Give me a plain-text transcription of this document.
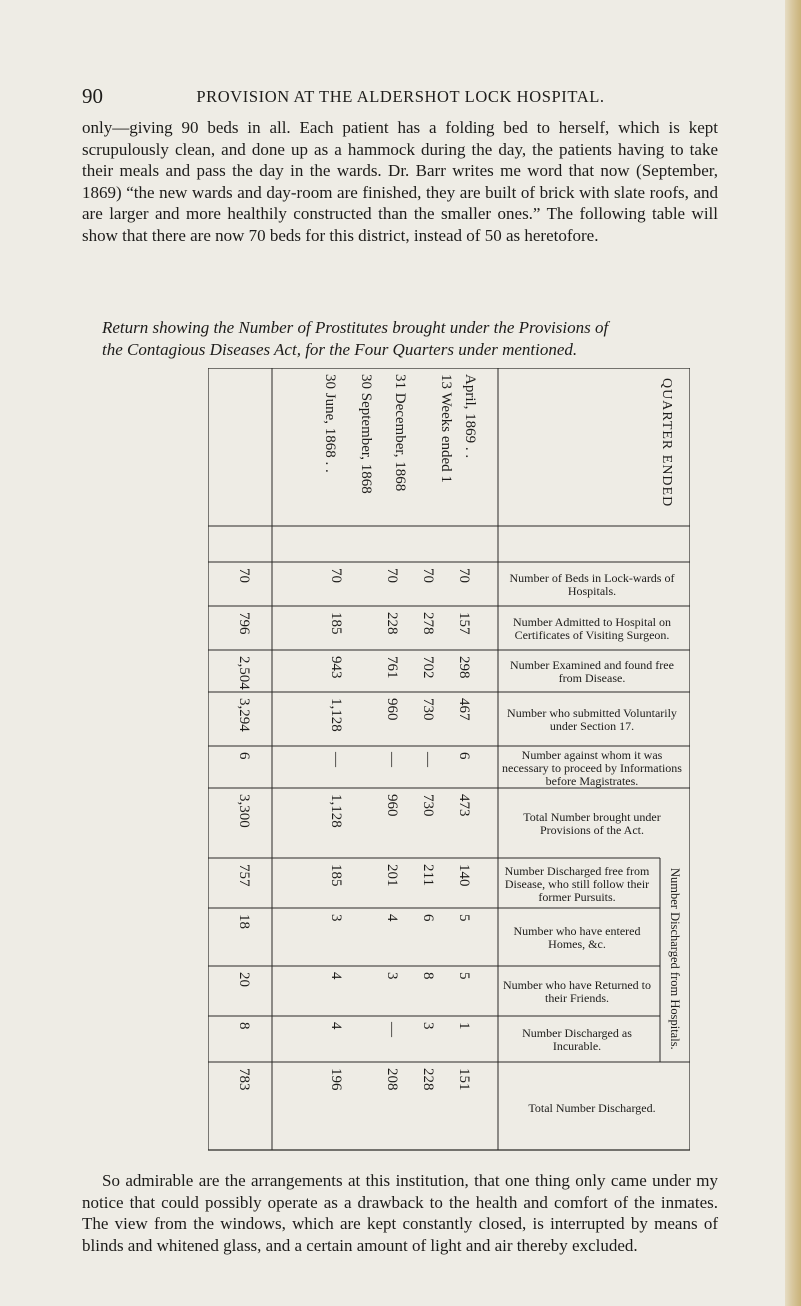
90	PROVISION AT THE ALDERSHOT LOCK HOSPITAL.

only—giving 90 beds in all. Each patient has a folding bed to herself, which is kept scrupulously clean, and done up as a hammock during the day, the patients having to take their meals and pass the day in the wards. Dr. Barr writes me word that now (September, 1869) “the new wards and day-room are finished, they are built of brick with slate roofs, and are larger and more healthily constructed than the smaller ones.” The following table will show that there are now 70 beds for this district, instead of 50 as heretofore.

Return showing the Number of Prostitutes brought under the Provisions of
the Contagious Diseases Act, for the Four Quarters under mentioned.
30 June, 1868 . . 30 September, 1868 31 December, 1868 13 Weeks ended 1 April, 1869 . .	QUARTER ENDED
Number of Beds in Lock-wards of Hospitals.
70
70
70
70
70
Number Admitted to Hospital on Certificates of Visiting Surgeon.
157
278
228
185
796
Number Examined and found free from Disease.
298
702
761
943
2,504
Number who submitted Voluntarily under Section 17.
467
730
960
1,128
3,294
Number against whom it was necessary to proceed by Informations before Magistrates.
6
—
—
—
6
Total Number brought under Provisions of the Act.
473
730
960
1,128
3,300
Number Discharged free from Disease, who still follow their former Pursuits.
140
211
201
185
757
Number who have entered Homes, &c.
5
6
4
3
18
Number who have Returned to their Friends.
5
8
3
4
20
Number Discharged as Incurable.
1
3
—
4
8
Total Number Discharged.
151
228
208
196
783
Number Discharged from Hospitals.

So admirable are the arrangements at this institution, that one thing only came under my notice that could possibly operate as a drawback to the health and comfort of the inmates. The view from the windows, which are kept constantly closed, is interrupted by means of blinds and whitened glass, and a certain amount of light and air thereby excluded.
